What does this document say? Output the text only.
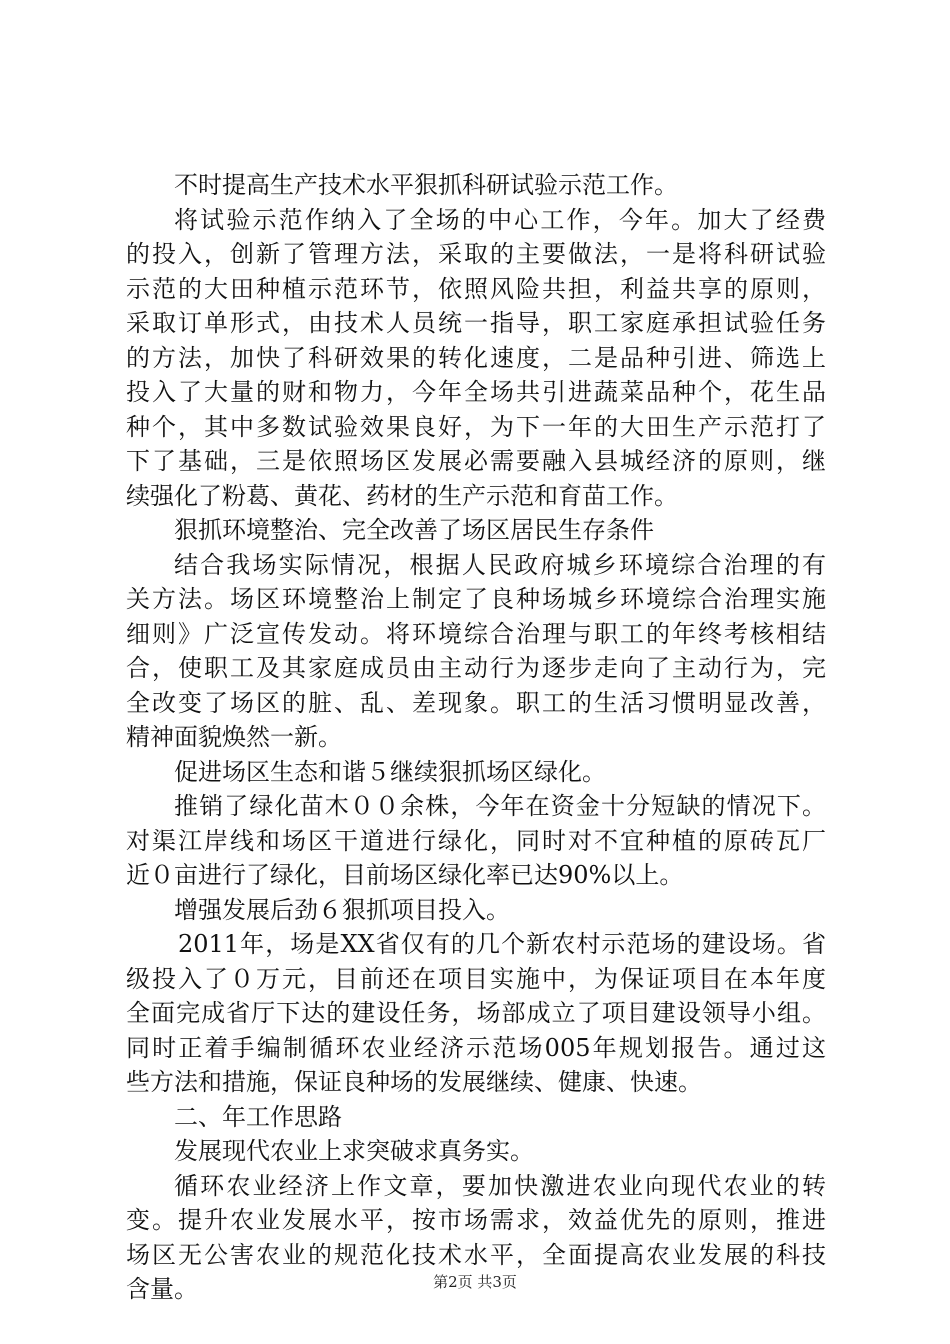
不时提高生产技术水平狠抓科研试验示范工作。
将试验示范作纳入了全场的中心工作，今年。加大了经费
的投入，创新了管理方法，采取的主要做法，一是将科研试验
示范的大田种植示范环节，依照风险共担，利益共享的原则，
采取订单形式，由技术人员统一指导，职工家庭承担试验任务
的方法，加快了科研效果的转化速度，二是品种引进、筛选上
投入了大量的财和物力，今年全场共引进蔬菜品种个，花生品
种个，其中多数试验效果良好，为下一年的大田生产示范打了
下了基础，三是依照场区发展必需要融入县城经济的原则，继
续强化了粉葛、黄花、药材的生产示范和育苗工作。
狠抓环境整治、完全改善了场区居民生存条件
结合我场实际情况，根据人民政府城乡环境综合治理的有
关方法。场区环境整治上制定了良种场城乡环境综合治理实施
细则》广泛宣传发动。将环境综合治理与职工的年终考核相结
合，使职工及其家庭成员由主动行为逐步走向了主动行为，完
全改变了场区的脏、乱、差现象。职工的生活习惯明显改善，
精神面貌焕然一新。
促进场区生态和谐５继续狠抓场区绿化。
推销了绿化苗木００余株，今年在资金十分短缺的情况下。
对渠江岸线和场区干道进行绿化，同时对不宜种植的原砖瓦厂
近０亩进行了绿化，目前场区绿化率已达90%以上。
增强发展后劲６狠抓项目投入。
2011年，场是XX省仅有的几个新农村示范场的建设场。省
级投入了０万元，目前还在项目实施中，为保证项目在本年度
全面完成省厅下达的建设任务，场部成立了项目建设领导小组。
同时正着手编制循环农业经济示范场005年规划报告。通过这
些方法和措施，保证良种场的发展继续、健康、快速。
二、年工作思路
发展现代农业上求突破求真务实。
循环农业经济上作文章，要加快激进农业向现代农业的转
变。提升农业发展水平，按市场需求，效益优先的原则，推进
场区无公害农业的规范化技术水平，全面提高农业发展的科技
含量。	第2页 共3页
